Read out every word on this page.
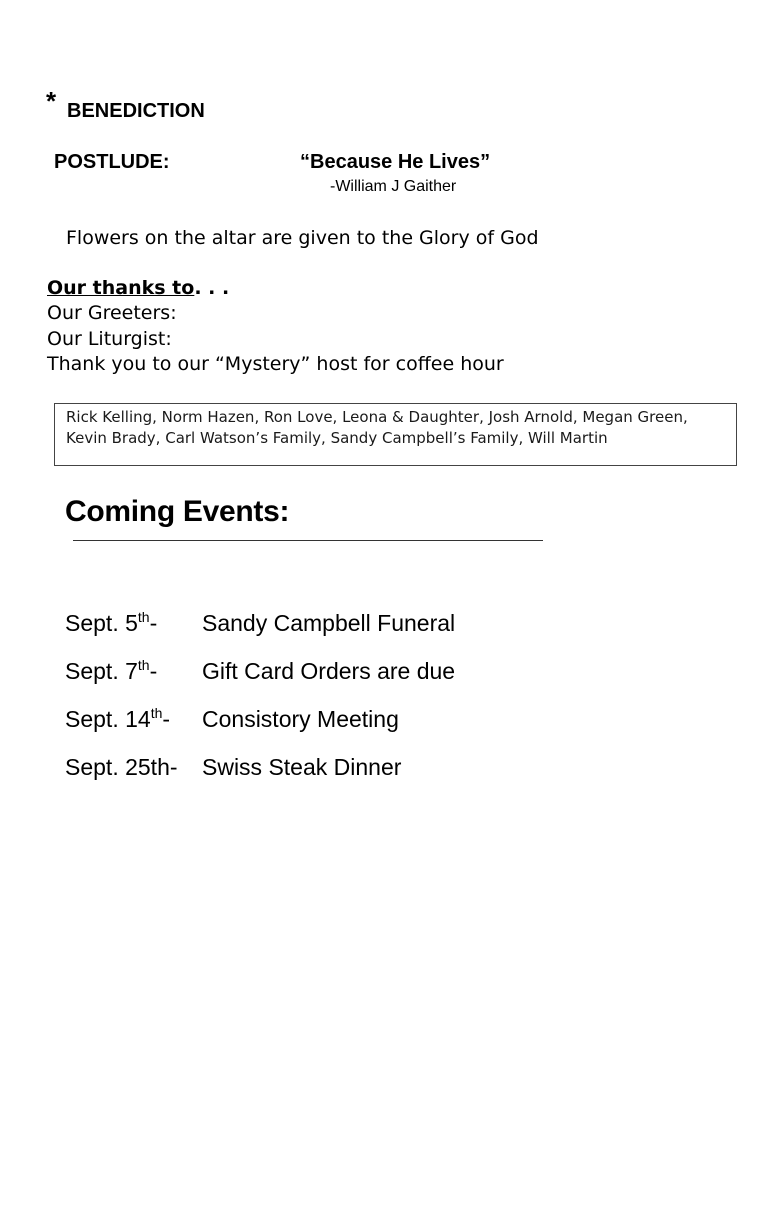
* BENEDICTION
POSTLUDE:	“Because He Lives”
-William J Gaither
Flowers on the altar are given to the Glory of God
Our thanks to. . .
Our Greeters:
Our Liturgist:
Thank you to our “Mystery” host for coffee hour
Rick Kelling, Norm Hazen, Ron Love, Leona & Daughter, Josh Arnold, Megan Green, Kevin Brady, Carl Watson’s Family, Sandy Campbell’s Family, Will Martin
Coming Events:
Sept. 5th- Sandy Campbell Funeral
Sept. 7th- Gift Card Orders are due
Sept. 14th- Consistory Meeting
Sept. 25th- Swiss Steak Dinner
